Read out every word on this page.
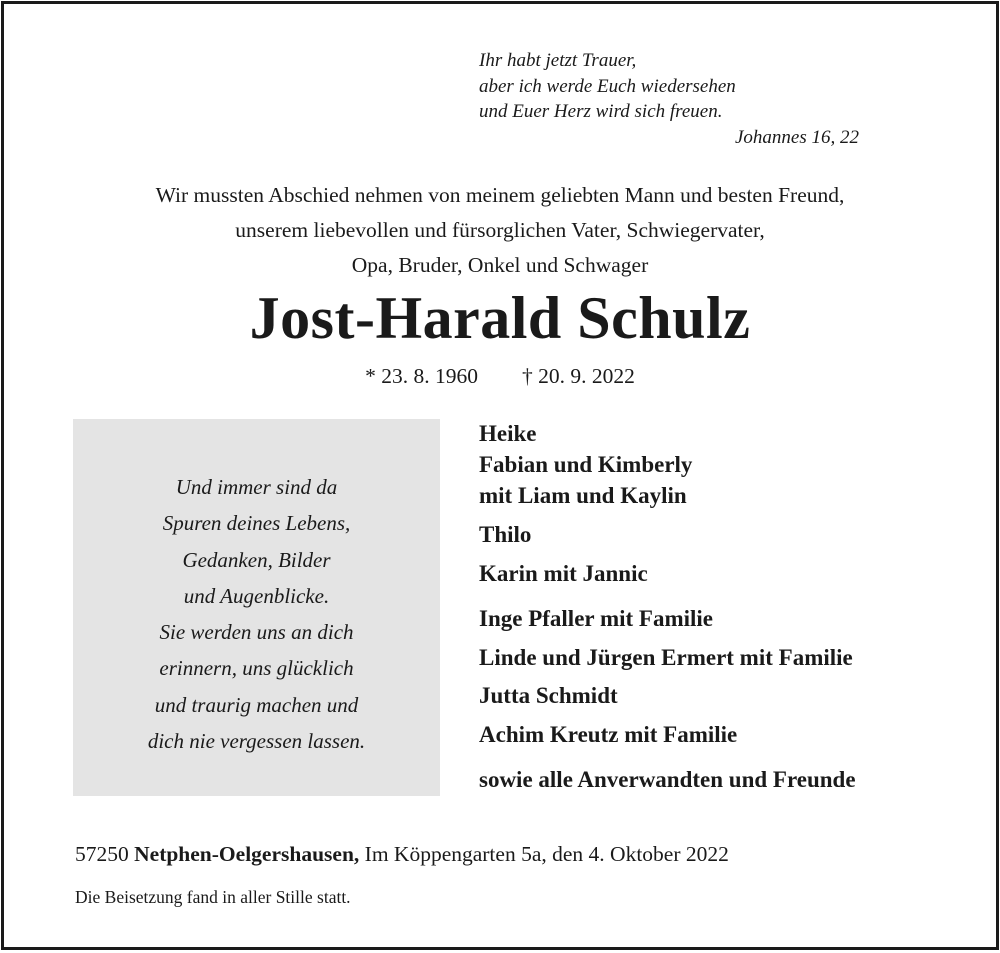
Ihr habt jetzt Trauer,
aber ich werde Euch wiedersehen
und Euer Herz wird sich freuen.
Johannes 16, 22
Wir mussten Abschied nehmen von meinem geliebten Mann und besten Freund,
unserem liebevollen und fürsorglichen Vater, Schwiegervater,
Opa, Bruder, Onkel und Schwager
Jost-Harald Schulz
* 23. 8. 1960 † 20. 9. 2022
Und immer sind da
Spuren deines Lebens,
Gedanken, Bilder
und Augenblicke.
Sie werden uns an dich
erinnern, uns glücklich
und traurig machen und
dich nie vergessen lassen.
Heike
Fabian und Kimberly
mit Liam und Kaylin
Thilo
Karin mit Jannic
Inge Pfaller mit Familie
Linde und Jürgen Ermert mit Familie
Jutta Schmidt
Achim Kreutz mit Familie
sowie alle Anverwandten und Freunde
57250 Netphen-Oelgershausen, Im Köppengarten 5a, den 4. Oktober 2022
Die Beisetzung fand in aller Stille statt.
